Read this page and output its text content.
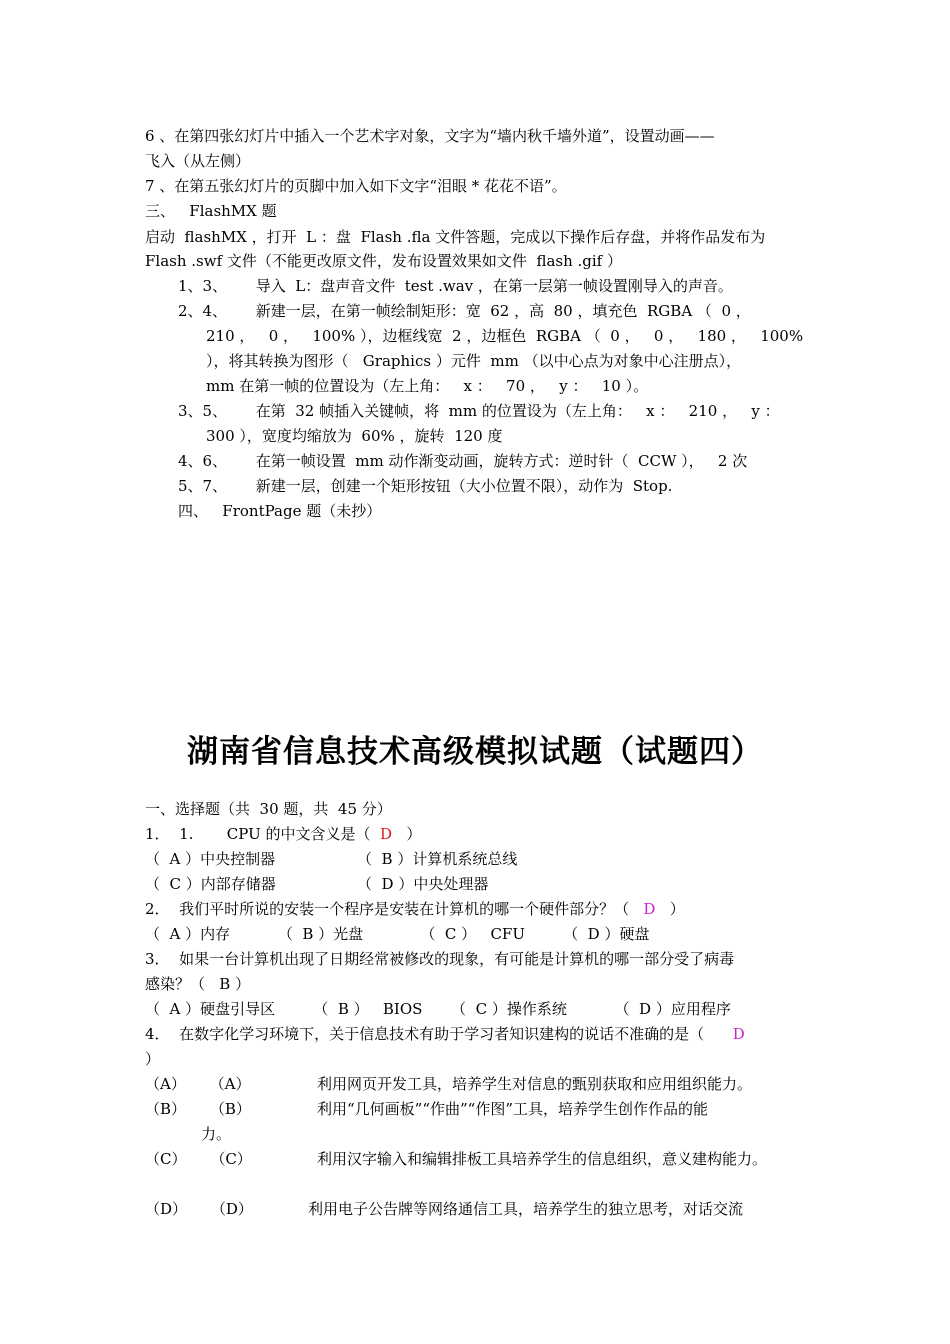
6 、在第四张幻灯片中插入一个艺术字对象，文字为“墙内秋千墙外道”，设置动画——
飞入（从左侧）
7 、在第五张幻灯片的页脚中加入如下文字“泪眼 * 花花不语”。
三、   FlashMX 题
启动  flashMX ，打开  L ：盘  Flash .fla 文件答题，完成以下操作后存盘，并将作品发布为
Flash .swf 文件（不能更改原文件，发布设置效果如文件  flash .gif ）
1、3、      导入  L：盘声音文件  test .wav ，在第一层第一帧设置刚导入的声音。
2、4、      新建一层，在第一帧绘制矩形：宽  62 ，高  80 ，填充色  RGBA （  0 ，
210 ，   0 ，   100% ），边框线宽  2 ，边框色  RGBA （  0 ，   0 ，   180 ，   100%
），将其转换为图形（   Graphics ）元件  mm （以中心点为对象中心注册点），
mm 在第一帧的位置设为（左上角：   x ：   70 ，   y ：   10 ）。
3、5、      在第  32 帧插入关键帧，将  mm 的位置设为（左上角：   x ：   210 ，   y ：
300 ），宽度均缩放为  60% ，旋转  120 度
4、6、      在第一帧设置  mm 动作渐变动画，旋转方式：逆时针（  CCW ），   2 次
5、7、      新建一层，创建一个矩形按钮（大小位置不限），动作为  Stop.
四、   FrontPage 题（未抄）
湖南省信息技术高级模拟试题（试题四）
一、选择题（共  30 题，共  45 分）
1．  1.       CPU 的中文含义是（  D   ）
（  A ）中央控制器	（  B ）计算机系统总线
（  C ）内部存储器	（  D ）中央处理器
2．  我们平时所说的安装一个程序是安装在计算机的哪一个硬件部分？（   D   ）
（  A ）内存          （  B ）光盘            （  C ）   CFU        （  D ）硬盘
3．  如果一台计算机出现了日期经常被修改的现象，有可能是计算机的哪一部分受了病毒
感染？（   B ）
（  A ）硬盘引导区        （  B ）   BIOS      （  C ）操作系统          （  D ）应用程序
4．  在数字化学习环境下，关于信息技术有助于学习者知识建构的说话不准确的是（      D
）
（A）     （A）	利用网页开发工具，培养学生对信息的甄别获取和应用组织能力。
（B）     （B）	利用“几何画板”“作曲”“作图”工具，培养学生创作作品的能
力。
（C）     （C）	利用汉字输入和编辑排板工具培养学生的信息组织，意义建构能力。
（D）     （D）	利用电子公告牌等网络通信工具，培养学生的独立思考，对话交流
